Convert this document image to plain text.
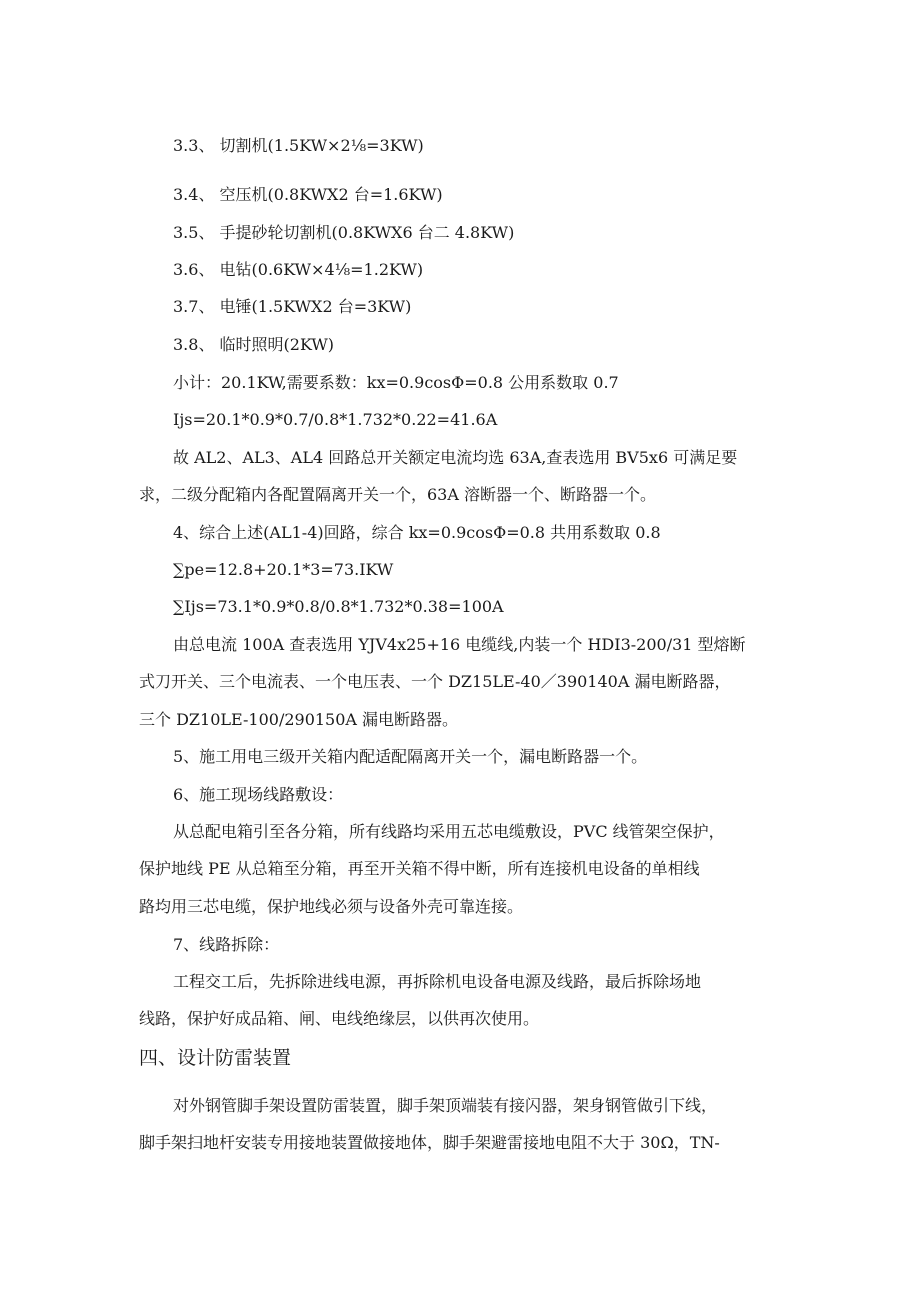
3.3、 切割机(1.5KW×2⅛=3KW)
3.4、 空压机(0.8KWX2 台=1.6KW)
3.5、 手提砂轮切割机(0.8KWX6 台二 4.8KW)
3.6、 电钻(0.6KW×4⅛=1.2KW)
3.7、 电锤(1.5KWX2 台=3KW)
3.8、 临时照明(2KW)
小计：20.1KW,需要系数：kx=0.9cosΦ=0.8 公用系数取 0.7
Ijs=20.1*0.9*0.7/0.8*1.732*0.22=41.6A
故 AL2、AL3、AL4 回路总开关额定电流均选 63A,查表选用 BV5x6 可满足要
求，二级分配箱内各配置隔离开关一个，63A 溶断器一个、断路器一个。
4、综合上述(AL1-4)回路，综合 kx=0.9cosΦ=0.8 共用系数取 0.8
∑pe=12.8+20.1*3=73.IKW
∑Ijs=73.1*0.9*0.8/0.8*1.732*0.38=100A
由总电流 100A 查表选用 YJV4x25+16 电缆线,内装一个 HDI3-200/31 型熔断
式刀开关、三个电流表、一个电压表、一个 DZ15LE-40／390140A 漏电断路器，
三个 DZ10LE-100/290150A 漏电断路器。
5、施工用电三级开关箱内配适配隔离开关一个，漏电断路器一个。
6、施工现场线路敷设：
从总配电箱引至各分箱，所有线路均采用五芯电缆敷设，PVC 线管架空保护，
保护地线 PE 从总箱至分箱，再至开关箱不得中断，所有连接机电设备的单相线
路均用三芯电缆，保护地线必须与设备外壳可靠连接。
7、线路拆除：
工程交工后，先拆除进线电源，再拆除机电设备电源及线路，最后拆除场地
线路，保护好成品箱、闸、电线绝缘层，以供再次使用。
四、设计防雷装置
对外钢管脚手架设置防雷装置，脚手架顶端装有接闪器，架身钢管做引下线，
脚手架扫地杆安装专用接地装置做接地体，脚手架避雷接地电阻不大于 30Ω，TN-
